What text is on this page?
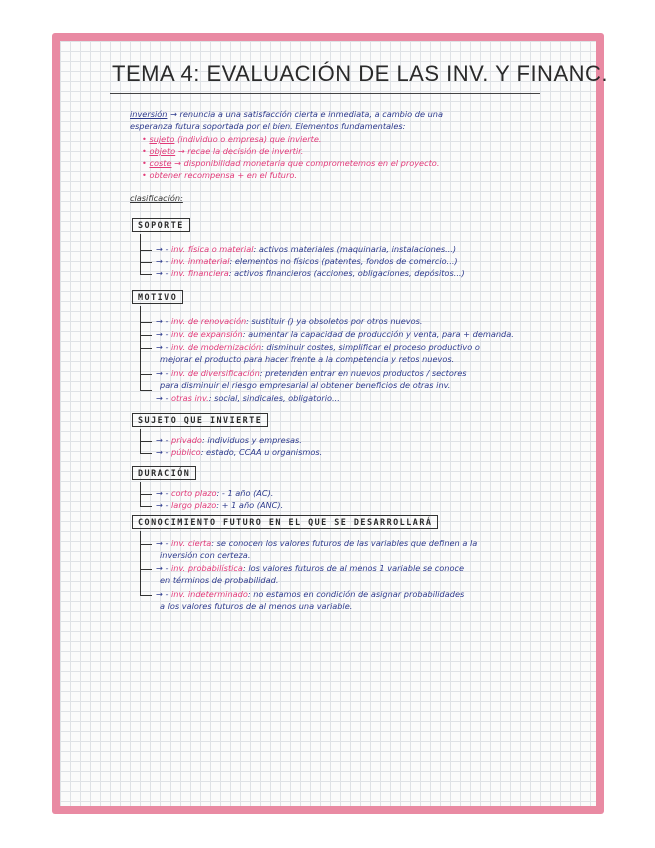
TEMA 4: EVALUACIÓN DE LAS INV. Y FINANC.
inversión → renuncia a una satisfacción cierta e inmediata, a cambio de una
esperanza futura soportada por el bien. Elementos fundamentales:
• sujeto (individuo o empresa) que invierte.
• objeto → recae la decisión de invertir.
• coste → disponibilidad monetaria que comprometemos en el proyecto.
• obtener recompensa + en el futuro.
clasificación:
SOPORTE
→ - inv. física o material: activos materiales (maquinaria, instalaciones...)
→ - inv. inmaterial: elementos no físicos (patentes, fondos de comercio...)
→ - inv. financiera: activos financieros (acciones, obligaciones, depósitos...)
MOTIVO
→ - inv. de renovación: sustituir () ya obsoletos por otros nuevos.
→ - inv. de expansión: aumentar la capacidad de producción y venta, para + demanda.
→ - inv. de modernización: disminuir costes, simplificar el proceso productivo o
mejorar el producto para hacer frente a la competencia y retos nuevos.
→ - inv. de diversificación: pretenden entrar en nuevos productos / sectores
para disminuir el riesgo empresarial al obtener beneficios de otras inv.
→ - otras inv.: social, sindicales, obligatorio...
SUJETO QUE INVIERTE
→ - privado: individuos y empresas.
→ - público: estado, CCAA u organismos.
DURACIÓN
→ - corto plazo: - 1 año (AC).
→ - largo plazo: + 1 año (ANC).
CONOCIMIENTO FUTURO EN EL QUE SE DESARROLLARÁ
→ - inv. cierta: se conocen los valores futuros de las variables que definen a la
inversión con certeza.
→ - inv. probabilística: los valores futuros de al menos 1 variable se conoce
en términos de probabilidad.
→ - inv. indeterminado: no estamos en condición de asignar probabilidades
a los valores futuros de al menos una variable.
